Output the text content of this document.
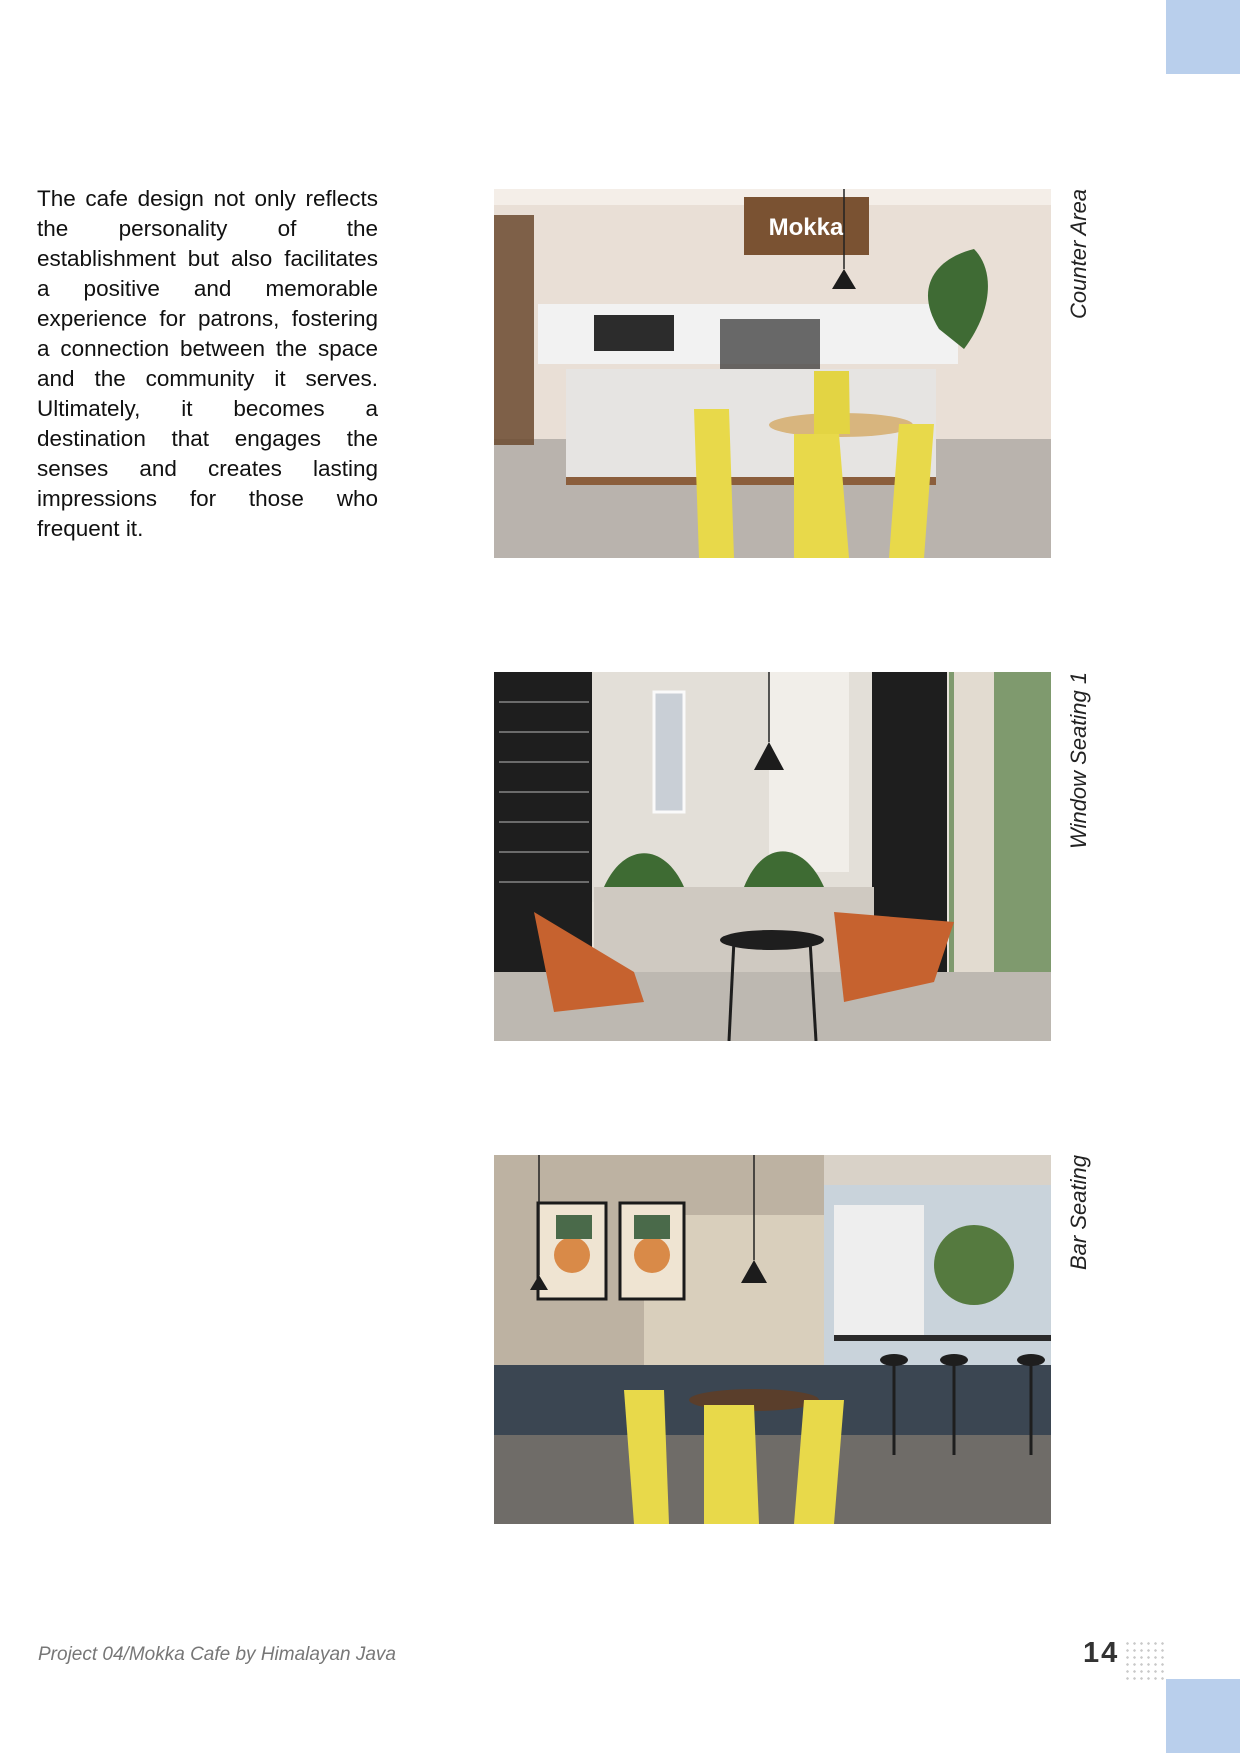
The cafe design not only reflects the personality of the establishment but also facilitates a positive and memorable experience for patrons, fostering a connection between the space and the community it serves. Ultimately, it becomes a destination that engages the senses and creates lasting impressions for those who frequent it.

Mokka	Counter Area
Window Seating 1
Bar Seating
Project 04/Mokka Cafe by Himalayan Java	14
